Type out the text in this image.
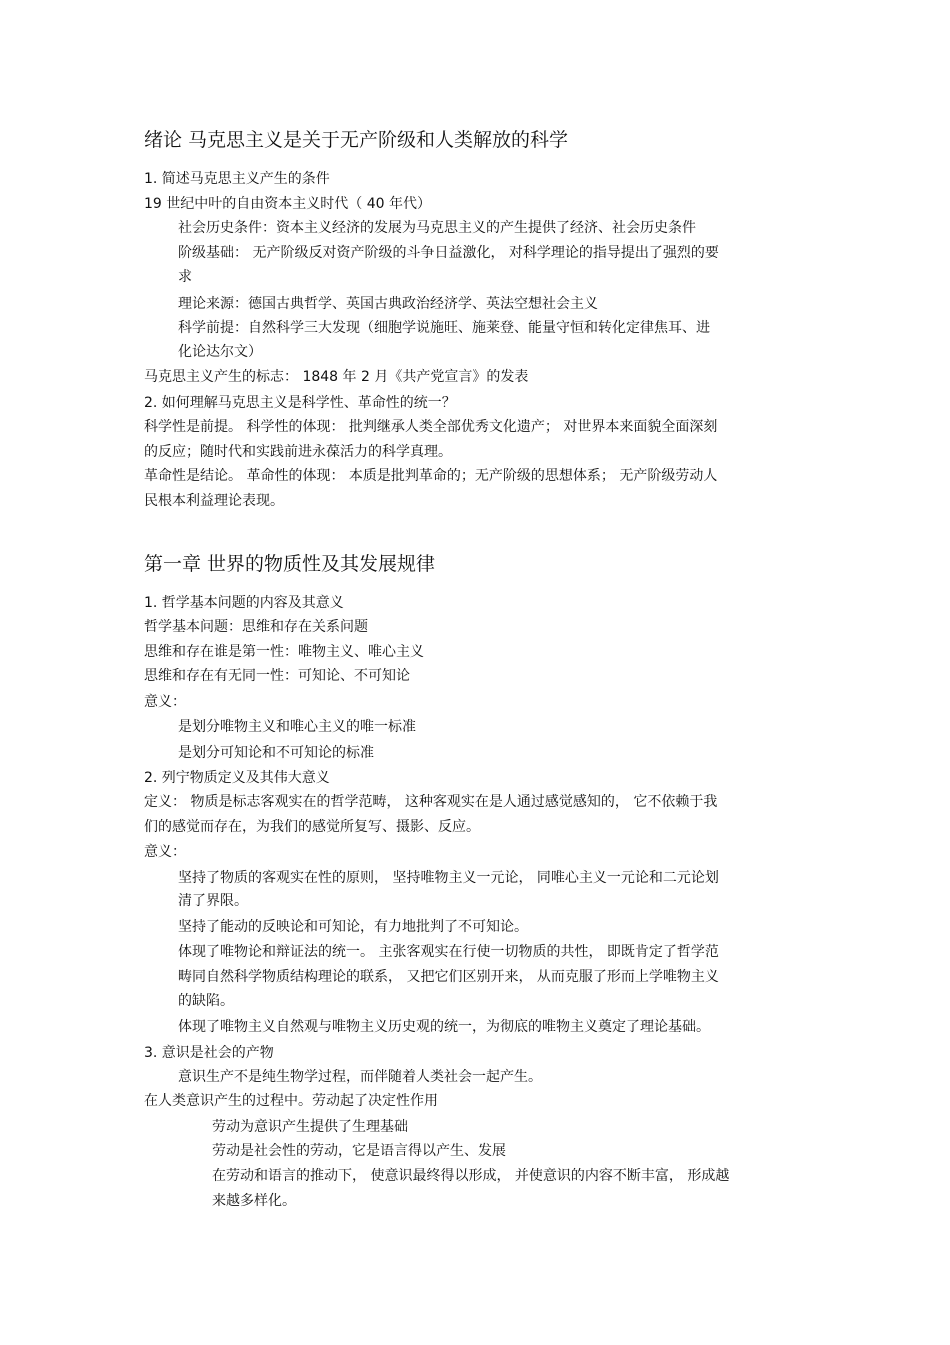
绪论 马克思主义是关于无产阶级和人类解放的科学
1. 简述马克思主义产生的条件
19 世纪中叶的自由资本主义时代（ 40 年代）
社会历史条件：资本主义经济的发展为马克思主义的产生提供了经济、社会历史条件
阶级基础： 无产阶级反对资产阶级的斗争日益激化， 对科学理论的指导提出了强烈的要
求
理论来源：德国古典哲学、英国古典政治经济学、英法空想社会主义
科学前提：自然科学三大发现（细胞学说施旺、施莱登、能量守恒和转化定律焦耳、进
化论达尔文）
马克思主义产生的标志： 1848 年 2 月《共产党宣言》的发表
2. 如何理解马克思主义是科学性、革命性的统一？
科学性是前提。 科学性的体现： 批判继承人类全部优秀文化遗产； 对世界本来面貌全面深刻
的反应；随时代和实践前进永葆活力的科学真理。
革命性是结论。 革命性的体现： 本质是批判革命的；无产阶级的思想体系； 无产阶级劳动人
民根本利益理论表现。
第一章 世界的物质性及其发展规律
1. 哲学基本问题的内容及其意义
哲学基本问题：思维和存在关系问题
思维和存在谁是第一性：唯物主义、唯心主义
思维和存在有无同一性：可知论、不可知论
意义：
是划分唯物主义和唯心主义的唯一标准
是划分可知论和不可知论的标准
2. 列宁物质定义及其伟大意义
定义： 物质是标志客观实在的哲学范畴， 这种客观实在是人通过感觉感知的， 它不依赖于我
们的感觉而存在，为我们的感觉所复写、摄影、反应。
意义：
坚持了物质的客观实在性的原则， 坚持唯物主义一元论， 同唯心主义一元论和二元论划
清了界限。
坚持了能动的反映论和可知论，有力地批判了不可知论。
体现了唯物论和辩证法的统一。 主张客观实在行使一切物质的共性， 即既肯定了哲学范
畴同自然科学物质结构理论的联系， 又把它们区别开来， 从而克服了形而上学唯物主义
的缺陷。
体现了唯物主义自然观与唯物主义历史观的统一，为彻底的唯物主义奠定了理论基础。
3. 意识是社会的产物
意识生产不是纯生物学过程，而伴随着人类社会一起产生。
在人类意识产生的过程中。劳动起了决定性作用
劳动为意识产生提供了生理基础
劳动是社会性的劳动，它是语言得以产生、发展
在劳动和语言的推动下， 使意识最终得以形成， 并使意识的内容不断丰富， 形成越
来越多样化。
